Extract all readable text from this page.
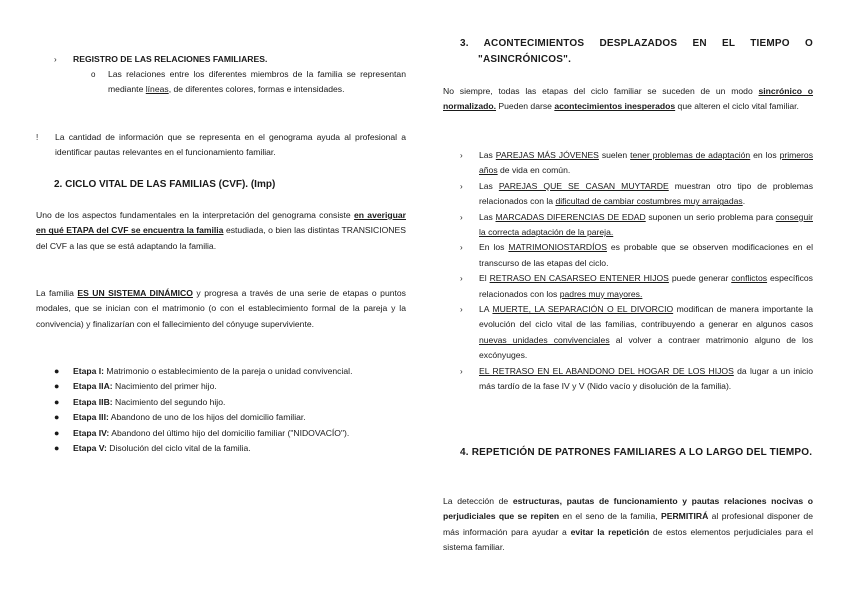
›	REGISTRO DE LAS RELACIONES FAMILIARES.
o	Las relaciones entre los diferentes miembros de la familia se representan mediante líneas, de diferentes colores, formas e intensidades.
!	La cantidad de información que se representa en el genograma ayuda al profesional a identificar pautas relevantes en el funcionamiento familiar.
2. CICLO VITAL DE LAS FAMILIAS (CVF). (Imp)
Uno de los aspectos fundamentales en la interpretación del genograma consiste en averiguar en qué ETAPA del CVF se encuentra la familia estudiada, o bien las distintas TRANSICIONES del CVF a las que se está adaptando la familia.
La familia ES UN SISTEMA DINÁMICO y progresa a través de una serie de etapas o puntos modales, que se inician con el matrimonio (o con el establecimiento formal de la pareja y la convivencia) y finalizarían con el fallecimiento del cónyuge superviviente.
●	Etapa I: Matrimonio o establecimiento de la pareja o unidad convivencial.
●	Etapa IIA: Nacimiento del primer hijo.
●	Etapa IIB: Nacimiento del segundo hijo.
●	Etapa III: Abandono de uno de los hijos del domicilio familiar.
●	Etapa IV: Abandono del último hijo del domicilio familiar ("NIDOVACÍO").
●	Etapa V: Disolución del ciclo vital de la familia.
3. ACONTECIMIENTOS DESPLAZADOS EN EL TIEMPO O
"ASINCRÓNICOS".
No siempre, todas las etapas del ciclo familiar se suceden de un modo sincrónico o normalizado. Pueden darse acontecimientos inesperados que alteren el ciclo vital familiar.
›	Las PAREJAS MÁS JÓVENES suelen tener problemas de adaptación en los primeros años de vida en común.
›	Las PAREJAS QUE SE CASAN MUYTARDE muestran otro tipo de problemas relacionados con la dificultad de cambiar costumbres muy arraigadas.
›	Las MARCADAS DIFERENCIAS DE EDAD suponen un serio problema para conseguir la correcta adaptación de la pareja.
›	En los MATRIMONIOSTARDÍOS es probable que se observen modificaciones en el transcurso de las etapas del ciclo.
›	El RETRASO EN CASARSEO ENTENER HIJOS puede generar conflictos específicos relacionados con los padres muy mayores.
›	LA MUERTE, LA SEPARACIÓN O EL DIVORCIO modifican de manera importante la evolución del ciclo vital de las familias, contribuyendo a generar en algunos casos nuevas unidades convivenciales al volver a contraer matrimonio alguno de los excónyuges.
›	EL RETRASO EN EL ABANDONO DEL HOGAR DE LOS HIJOS da lugar a un inicio más tardío de la fase IV y V (Nido vacío y disolución de la familia).
4. REPETICIÓN DE PATRONES FAMILIARES A LO LARGO DEL TIEMPO.
La detección de estructuras, pautas de funcionamiento y pautas relaciones nocivas o perjudiciales que se repiten en el seno de la familia, PERMITIRÁ al profesional disponer de más información para ayudar a evitar la repetición de estos elementos perjudiciales para el sistema familiar.
